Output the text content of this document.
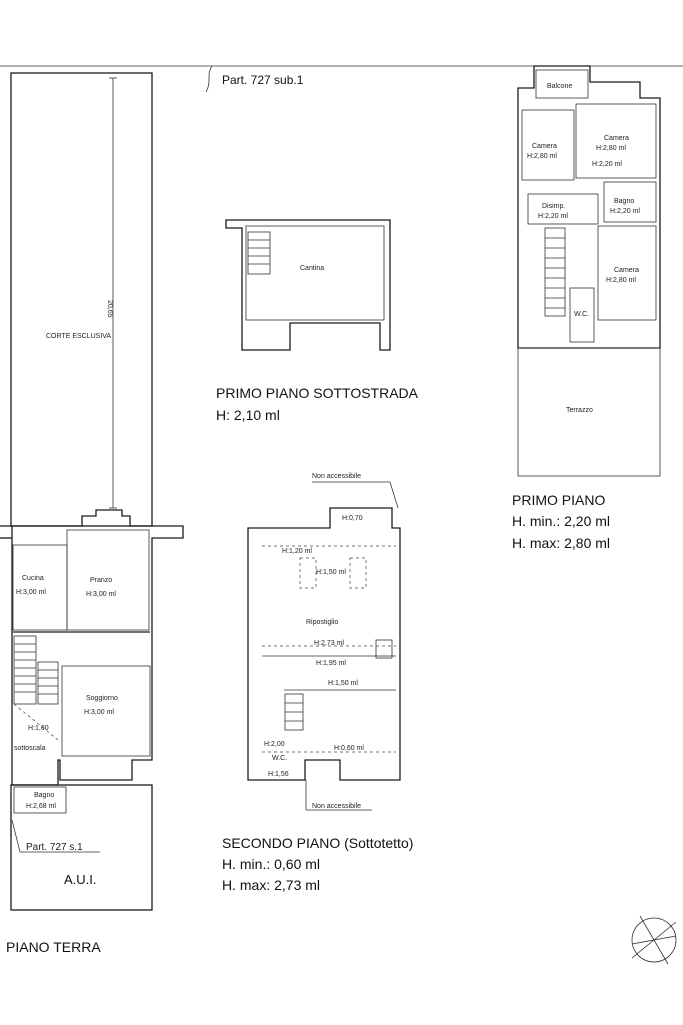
Part. 727 sub.1
20,65
CORTE ESCLUSIVA
Cucina
H:3,00 ml
Pranzo
H:3,00 ml
Soggiorno
H:3,00 ml
H:1,60
sottoscala
Bagno
H:2,68 ml
Part. 727 s.1
A.U.I.
PIANO TERRA
Cantina
PRIMO PIANO SOTTOSTRADA
H: 2,10 ml
Balcone
Camera
H:2,80 ml
Camera
H:2,80 ml
H:2,20 ml
Disimp.
H:2,20 ml
Bagno
H:2,20 ml
W.C.
Camera
H:2,80 ml
Terrazzo
PRIMO PIANO
H. min.: 2,20 ml
H. max: 2,80 ml
Non accessibile
H:0,70
H:1,20 ml
H:1,50 ml
Ripostiglio
H:2,73 ml
H:1,95 ml
H:1,50 ml
H:0,60 ml
H:2,00
W.C.
H:1,56
Non accessibile
SECONDO PIANO (Sottotetto)
H. min.: 0,60 ml
H. max: 2,73 ml
